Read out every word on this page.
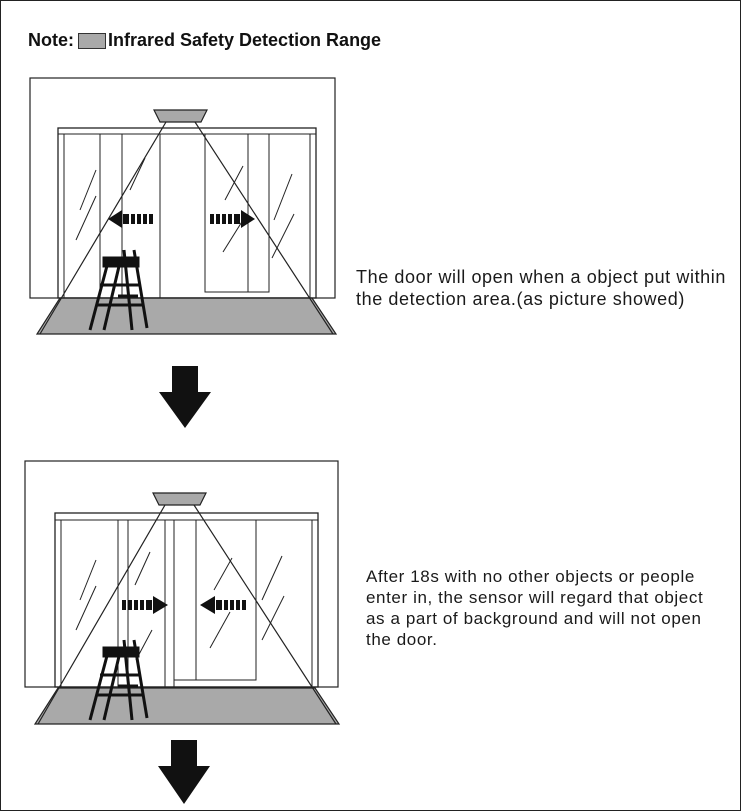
Note: Infrared Safety Detection Range
The door will open when a object put within the detection area.(as picture showed)
After 18s with no other objects or people enter in, the sensor will regard that object as a part of background and will not open the door.
